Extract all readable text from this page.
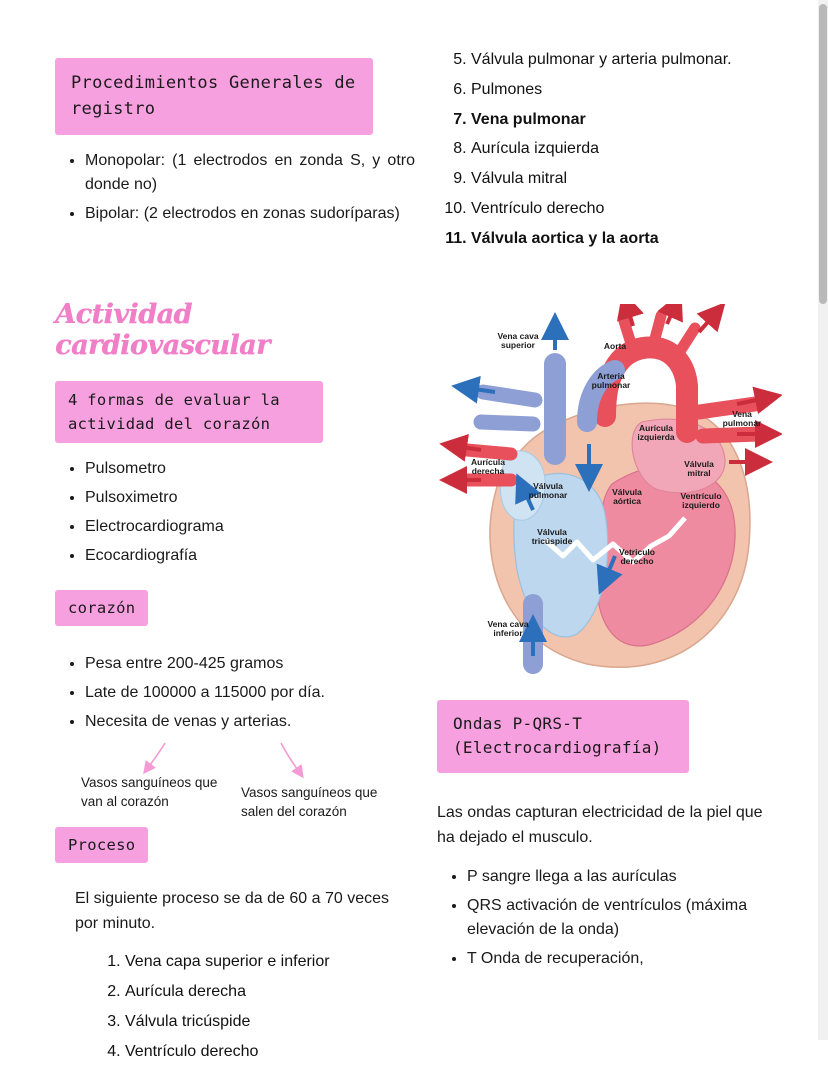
Procedimientos Generales de registro
• Monopolar: (1 electrodos en zonda S, y otro donde no)
• Bipolar: (2 electrodos en zonas sudoríparas)
Actividad cardiovascular
4 formas de evaluar la actividad del corazón
• Pulsometro
• Pulsoximetro
• Electrocardiograma
• Ecocardiografía
corazón
• Pesa entre 200-425 gramos
• Late de 100000 a 115000 por día.
• Necesita de venas y arterias.
Vasos sanguíneos que van al corazón
Vasos sanguíneos que salen del corazón
Proceso
El siguiente proceso se da de 60 a 70 veces por minuto.
1. Vena capa superior e inferior
2. Aurícula derecha
3. Válvula tricúspide
4. Ventrículo derecho
5. Válvula pulmonar y arteria pulmonar.
6. Pulmones
7. Vena pulmonar
8. Aurícula izquierda
9. Válvula mitral
10. Ventrículo derecho
11. Válvula aortica y la aorta
Vena cava superior	Aorta
Arteria pulmonar
Vena pulmonar
Aurícula izquierda
Válvula mitral
Aurícula derecha
Válvula pulmonar	Válvula aórtica
Ventrículo izquierdo
Válvula tricúspide
Vetriculo derecho
Vena cava inferior
Ondas P-QRS-T (Electrocardiografía)
Las ondas capturan electricidad de la piel que ha dejado el musculo.
• P sangre llega a las aurículas
• QRS activación de ventrículos (máxima elevación de la onda)
• T Onda de recuperación,
